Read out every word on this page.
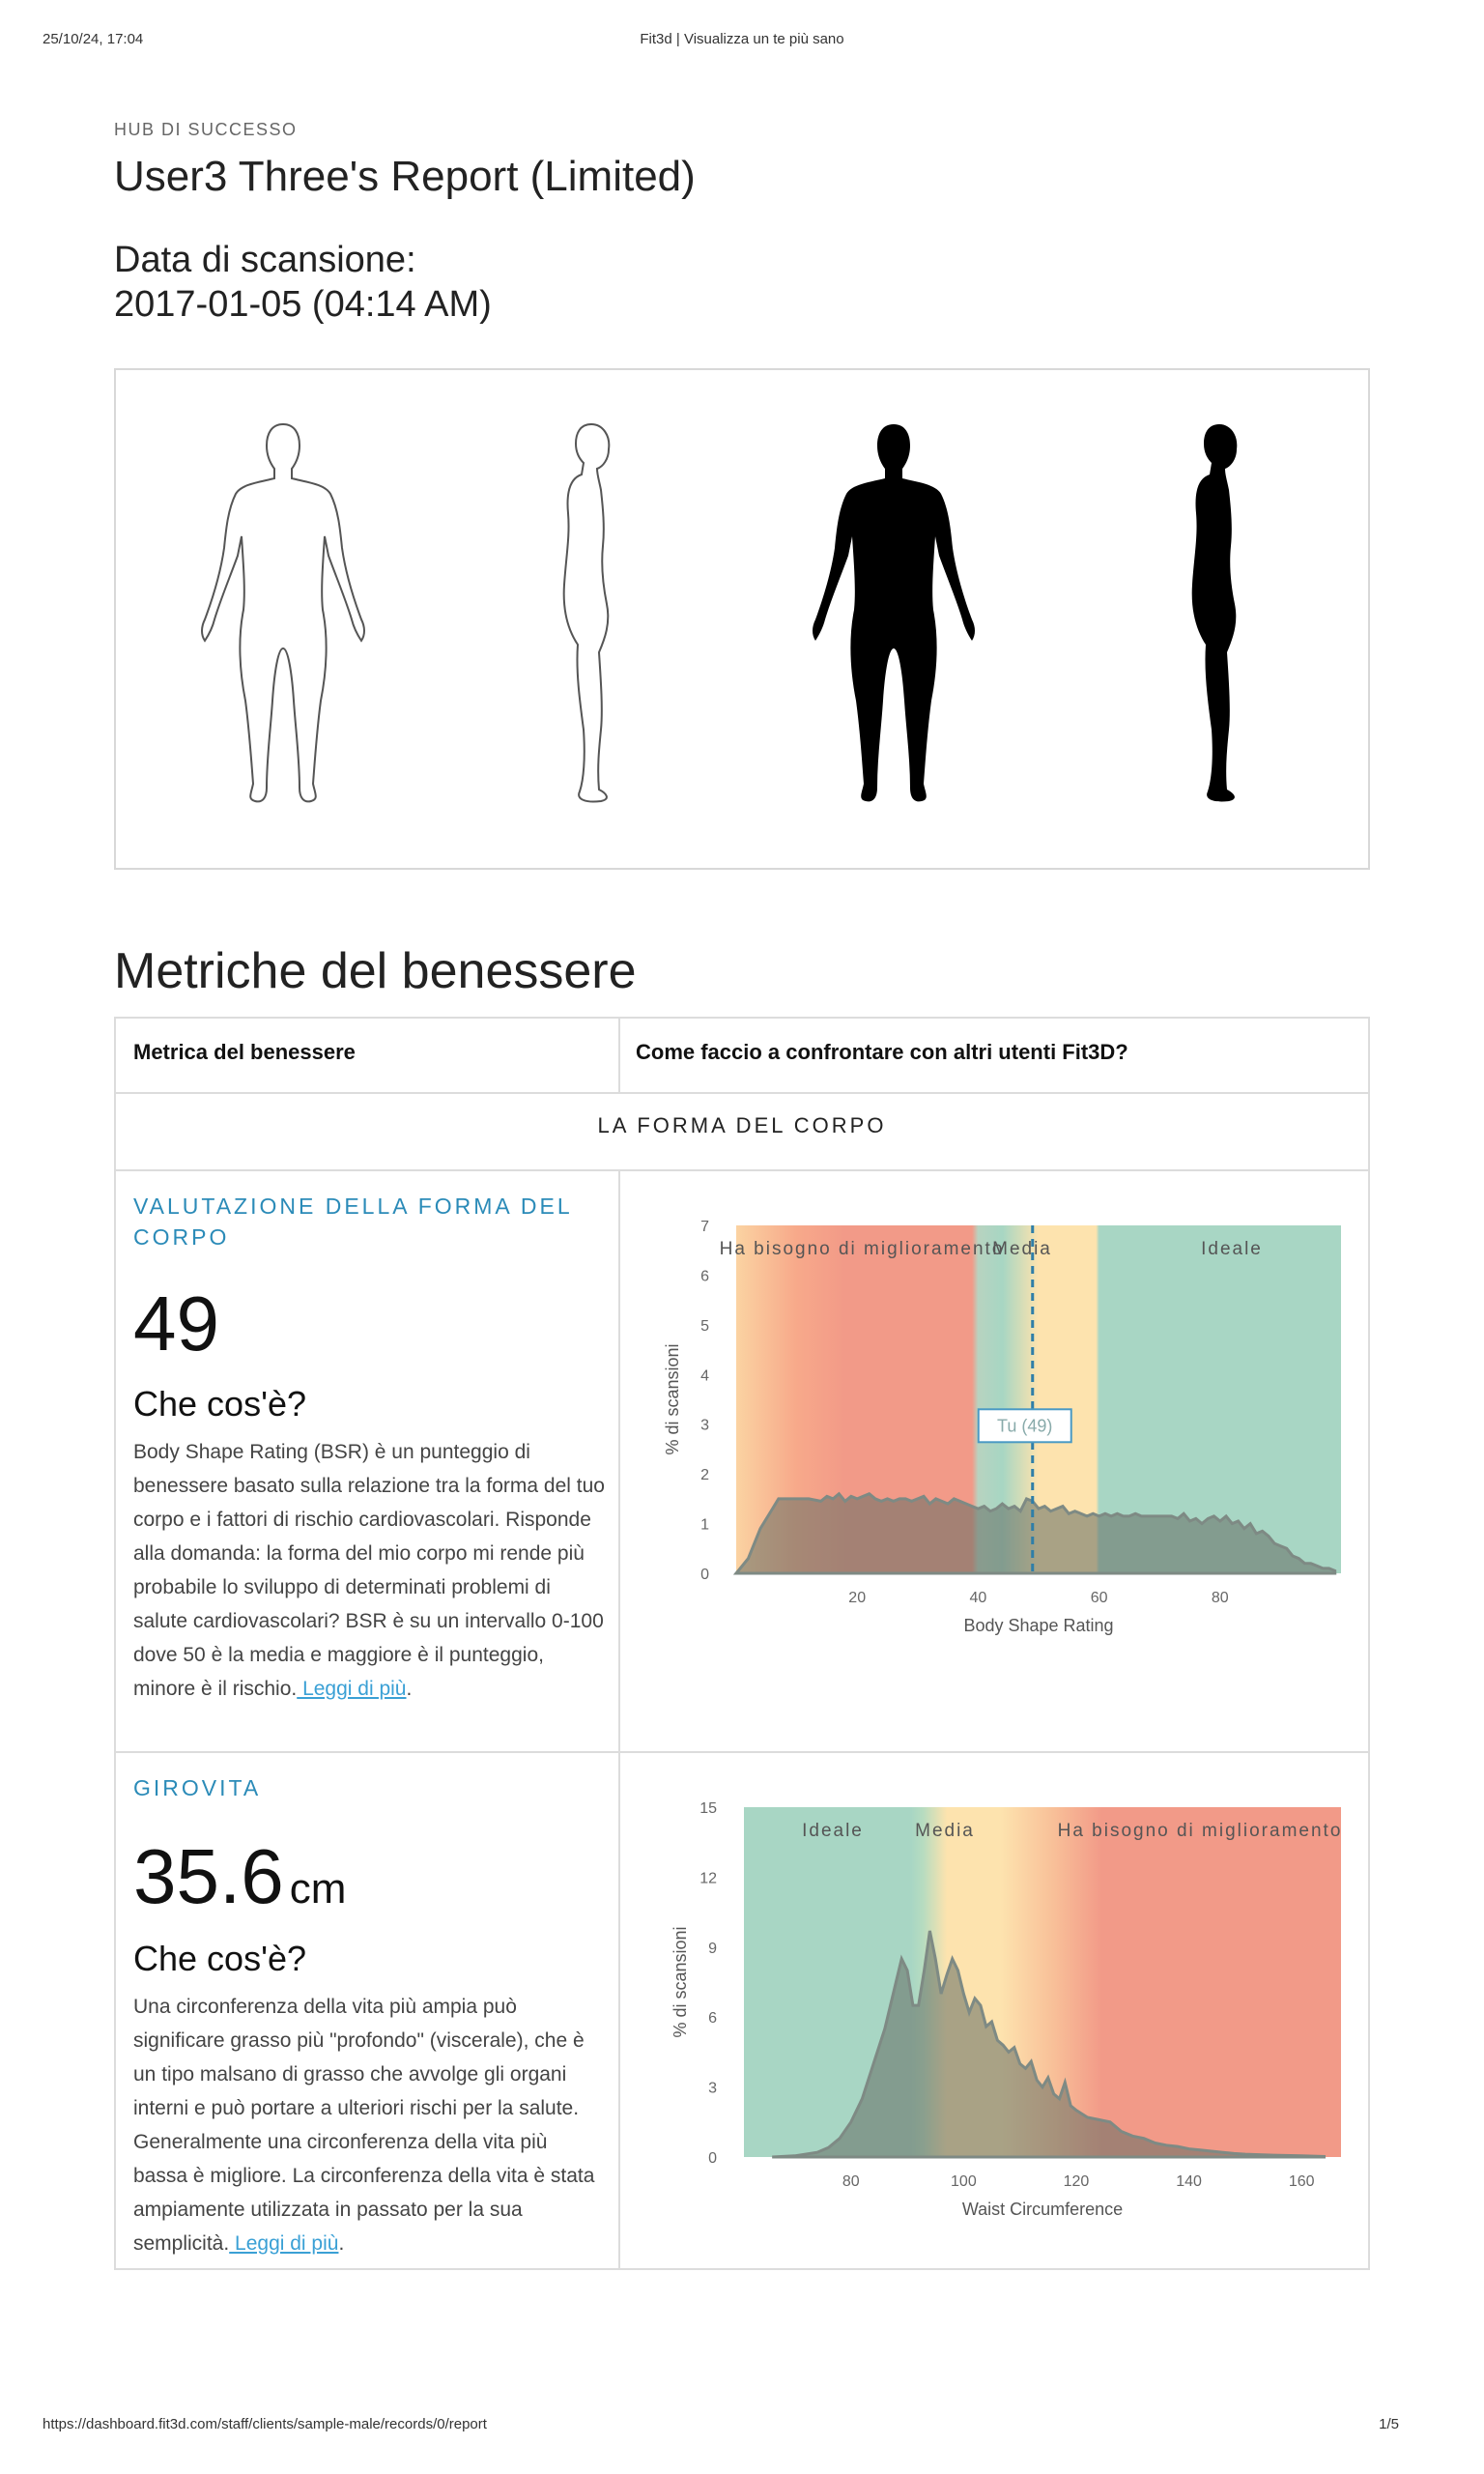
25/10/24, 17:04	Fit3d | Visualizza un te più sano
HUB DI SUCCESSO
User3 Three's Report (Limited)
Data di scansione:
2017-01-05 (04:14 AM)
Metriche del benessere
Metrica del benessere	Come faccio a confrontare con altri utenti Fit3D?
LA FORMA DEL CORPO
VALUTAZIONE DELLA FORMA DEL CORPO
49
Che cos'è?
Body Shape Rating (BSR) è un punteggio di benessere basato sulla relazione tra la forma del tuo corpo e i fattori di rischio cardiovascolari. Risponde alla domanda: la forma del mio corpo mi rende più probabile lo sviluppo di determinati problemi di salute cardiovascolari? BSR è su un intervallo 0-100 dove 50 è la media e maggiore è il punteggio, minore è il rischio. Leggi di più.
Ha bisogno di miglioramento
Media	Ideale
0
1
2
3
4
5
6
7
20	40	60	80
Body Shape Rating
% di scansioni	Tu (49)
GIROVITA
35.6 cm
Che cos'è?
Una circonferenza della vita più ampia può significare grasso più "profondo" (viscerale), che è un tipo malsano di grasso che avvolge gli organi interni e può portare a ulteriori rischi per la salute. Generalmente una circonferenza della vita più bassa è migliore. La circonferenza della vita è stata ampiamente utilizzata in passato per la sua semplicità. Leggi di più.
Ideale	Media	Ha bisogno di miglioramento
0
3
6
9
12
15
80	100	120	140	160
Waist Circumference
% di scansioni
https://dashboard.fit3d.com/staff/clients/sample-male/records/0/report	1/5
